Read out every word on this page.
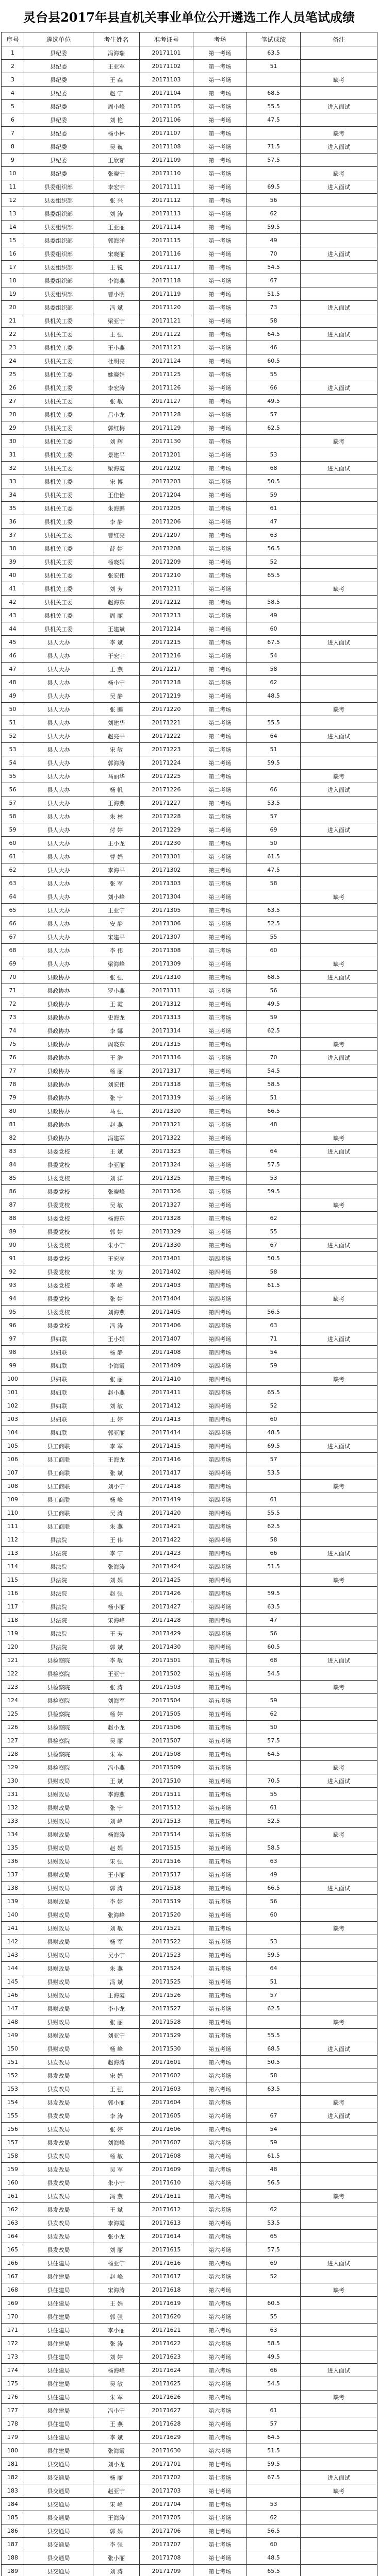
灵台县2017年县直机关事业单位公开遴选工作人员笔试成绩
序号	遴选单位	考生姓名	准考证号	考场	笔试成绩	备注
1	县纪委	冯海瑞	20171101	第一考场	63.5	
2	县纪委	王亚军	20171102	第一考场	51	
3	县纪委	王 森	20171103	第一考场		缺考
4	县纪委	赵 宁	20171104	第一考场	68.5	
5	县纪委	周小峰	20171105	第一考场	55.5	进入面试
6	县纪委	刘 艳	20171106	第一考场	47.5	
7	县纪委	杨小林	20171107	第一考场		缺考
8	县纪委	吴 巍	20171108	第一考场	71.5	进入面试
9	县纪委	王欣茹	20171109	第一考场	57.5	
10	县纪委	张晓宁	20171110	第一考场		缺考
11	县委组织部	李宏宇	20171111	第一考场	69.5	进入面试
12	县委组织部	张 兴	20171112	第一考场	56	
13	县委组织部	刘 涛	20171113	第一考场	62	
14	县委组织部	王亚丽	20171114	第一考场	59.5	
15	县委组织部	郭海洋	20171115	第一考场	49	
16	县委组织部	宋晓丽	20171116	第一考场	70	进入面试
17	县委组织部	王 锐	20171117	第一考场	54.5	
18	县委组织部	李海燕	20171118	第一考场	67	
19	县委组织部	曹小明	20171119	第一考场	51.5	
20	县委组织部	冯 斌	20171120	第一考场	73	进入面试
21	县机关工委	梁亚宁	20171121	第一考场	58	
22	县机关工委	王 强	20171122	第一考场	64.5	进入面试
23	县机关工委	王小燕	20171123	第一考场	46	
24	县机关工委	杜明亮	20171124	第一考场	60.5	
25	县机关工委	姚晓娟	20171125	第一考场	55	
26	县机关工委	李宏涛	20171126	第一考场	66	进入面试
27	县机关工委	张 敏	20171127	第一考场	49.5	
28	县机关工委	吕小龙	20171128	第一考场	57	
29	县机关工委	郭红梅	20171129	第一考场	62.5	
30	县机关工委	刘 辉	20171130	第一考场		缺考
31	县机关工委	景建平	20171201	第二考场	53	
32	县机关工委	梁海霞	20171202	第二考场	68	进入面试
33	县机关工委	宋 博	20171203	第二考场	50.5	
34	县机关工委	王佳怡	20171204	第二考场	59	
35	县机关工委	朱海鹏	20171205	第二考场	61	
36	县机关工委	李 静	20171206	第二考场	47	
37	县机关工委	曹红亮	20171207	第二考场	63	
38	县机关工委	薛 婷	20171208	第二考场	56.5	
39	县机关工委	杨晓娟	20171209	第二考场	52	
40	县机关工委	张宏伟	20171210	第二考场	65.5	
41	县机关工委	刘 芳	20171211	第二考场		缺考
42	县机关工委	赵海东	20171212	第二考场	58.5	
43	县机关工委	周 丽	20171213	第二考场	49	
44	县机关工委	王建斌	20171214	第二考场	60	
45	县人大办	李 斌	20171215	第二考场	67.5	进入面试
46	县人大办	于宏宇	20171216	第二考场	54	
47	县人大办	王 燕	20171217	第二考场	58	
48	县人大办	杨小宁	20171218	第二考场	62	
49	县人大办	吴 静	20171219	第二考场	48.5	
50	县人大办	张 鹏	20171220	第二考场		缺考
51	县人大办	刘建华	20171221	第二考场	55.5	
52	县人大办	赵亮平	20171222	第二考场	64	进入面试
53	县人大办	宋 敏	20171223	第二考场	51	
54	县人大办	郭海涛	20171224	第二考场	59.5	
55	县人大办	马丽华	20171225	第二考场		缺考
56	县人大办	杨 帆	20171226	第二考场	66	进入面试
57	县人大办	王海燕	20171227	第二考场	53.5	
58	县人大办	朱 林	20171228	第二考场	57	
59	县人大办	付 婷	20171229	第二考场	69	进入面试
60	县人大办	王小龙	20171230	第二考场	50	
61	县人大办	曹 娟	20171301	第三考场	61.5	
62	县人大办	李海平	20171302	第三考场	47.5	
63	县人大办	张 军	20171303	第三考场	58	
64	县人大办	刘小峰	20171304	第三考场		缺考
65	县人大办	王亚宁	20171305	第三考场	63.5	
66	县人大办	安 静	20171306	第三考场	52.5	
67	县人大办	宋建平	20171307	第三考场	55	
68	县人大办	李 伟	20171308	第三考场	60	
69	县人大办	梁海峰	20171309	第三考场		缺考
70	县政协办	张 强	20171310	第三考场	68.5	进入面试
71	县政协办	罗小燕	20171311	第三考场	56	
72	县政协办	王 霞	20171312	第三考场	49.5	
73	县政协办	史海龙	20171313	第三考场	59	
74	县政协办	李 娜	20171314	第三考场	62.5	
75	县政协办	周晓东	20171315	第三考场		缺考
76	县政协办	王 浩	20171316	第三考场	70	进入面试
77	县政协办	杨 丽	20171317	第三考场	54.5	
78	县政协办	刘宏伟	20171318	第三考场	58.5	
79	县政协办	张 宁	20171319	第三考场	51	
80	县政协办	马 强	20171320	第三考场	66.5	
81	县政协办	赵 燕	20171321	第三考场	48	
82	县政协办	冯建军	20171322	第三考场		缺考
83	县委党校	王 斌	20171323	第三考场	64	进入面试
84	县委党校	李亚丽	20171324	第三考场	57.5	
85	县委党校	刘 洋	20171325	第三考场	53	
86	县委党校	张晓峰	20171326	第三考场	59.5	
87	县委党校	吴 敏	20171327	第三考场		缺考
88	县委党校	杨海东	20171328	第三考场	62	
89	县委党校	郭 婷	20171329	第三考场	55	
90	县委党校	朱小宁	20171330	第三考场	67	进入面试
91	县委党校	王宏亮	20171401	第四考场	50.5	
92	县委党校	宋 芳	20171402	第四考场	58	
93	县委党校	李 峰	20171403	第四考场	61.5	
94	县委党校	张 婷	20171404	第四考场		缺考
95	县委党校	刘海燕	20171405	第四考场	56.5	
96	县委党校	冯 涛	20171406	第四考场	63	
97	县妇联	王小娟	20171407	第四考场	71	进入面试
98	县妇联	杨 静	20171408	第四考场	54	
99	县妇联	李海霞	20171409	第四考场	59	
100	县妇联	张 丽	20171410	第四考场		缺考
101	县妇联	赵小燕	20171411	第四考场	65.5	
102	县妇联	刘 敏	20171412	第四考场	52	
103	县妇联	王 婷	20171413	第四考场	60	
104	县妇联	郭亚丽	20171414	第四考场	48.5	
105	县工商联	李 军	20171415	第四考场	69.5	进入面试
106	县工商联	王海龙	20171416	第四考场	57	
107	县工商联	张 斌	20171417	第四考场	53.5	
108	县工商联	刘小宁	20171418	第四考场		缺考
109	县工商联	杨 峰	20171419	第四考场	61	
110	县工商联	吴 涛	20171420	第四考场	55.5	
111	县工商联	朱 燕	20171421	第四考场	62.5	
112	县法院	王 伟	20171422	第四考场	58	
113	县法院	李 宁	20171423	第四考场	66	进入面试
114	县法院	张海涛	20171424	第四考场	51.5	
115	县法院	刘 娟	20171425	第四考场		缺考
116	县法院	赵 强	20171426	第四考场	59.5	
117	县法院	杨小丽	20171427	第四考场	63.5	
118	县法院	宋海峰	20171428	第四考场	47	
119	县法院	王 芳	20171429	第四考场	56	
120	县法院	郭 斌	20171430	第四考场	60.5	
121	县检察院	李 敏	20171501	第五考场	68	进入面试
122	县检察院	王亚宁	20171502	第五考场	54.5	
123	县检察院	张 涛	20171503	第五考场		缺考
124	县检察院	刘海军	20171504	第五考场	59	
125	县检察院	杨 婷	20171505	第五考场	62	
126	县检察院	赵小龙	20171506	第五考场	50	
127	县检察院	吴 丽	20171507	第五考场	57.5	
128	县检察院	朱 军	20171508	第五考场	64.5	
129	县检察院	冯小燕	20171509	第五考场		缺考
130	县财政局	王 斌	20171510	第五考场	70.5	进入面试
131	县财政局	李海燕	20171511	第五考场	55	
132	县财政局	张 宁	20171512	第五考场	61	
133	县财政局	刘 峰	20171513	第五考场	52.5	
134	县财政局	杨海涛	20171514	第五考场		缺考
135	县财政局	赵 娟	20171515	第五考场	58.5	
136	县财政局	宋 强	20171516	第五考场	63	
137	县财政局	王小丽	20171517	第五考场	49	
138	县财政局	郭 涛	20171518	第五考场	66.5	进入面试
139	县财政局	李 婷	20171519	第五考场	56	
140	县财政局	张海峰	20171520	第五考场	60	
141	县财政局	刘 敏	20171521	第五考场		缺考
142	县财政局	杨 军	20171522	第五考场	53	
143	县财政局	吴小宁	20171523	第五考场	59.5	
144	县财政局	朱 燕	20171524	第五考场	64	
145	县财政局	冯 斌	20171525	第五考场	51	
146	县财政局	王海霞	20171526	第五考场	57	
147	县财政局	李小龙	20171527	第五考场	62.5	
148	县财政局	张 丽	20171528	第五考场		缺考
149	县财政局	刘亚宁	20171529	第五考场	55.5	
150	县财政局	杨 峰	20171530	第五考场	68.5	进入面试
151	县发改局	赵海涛	20171601	第六考场	50.5	
152	县发改局	宋 娟	20171602	第六考场	58	
153	县发改局	王 强	20171603	第六考场	63.5	
154	县发改局	郭小丽	20171604	第六考场		缺考
155	县发改局	李 涛	20171605	第六考场	67	进入面试
156	县发改局	张 婷	20171606	第六考场	54	
157	县发改局	刘海峰	20171607	第六考场	59	
158	县发改局	杨 敏	20171608	第六考场	61.5	
159	县发改局	吴 军	20171609	第六考场	48	
160	县发改局	朱小宁	20171610	第六考场	56.5	
161	县发改局	冯 燕	20171611	第六考场		缺考
162	县发改局	王 斌	20171612	第六考场	62	
163	县发改局	李海霞	20171613	第六考场	53.5	
164	县发改局	张小龙	20171614	第六考场	65	
165	县发改局	刘 丽	20171615	第六考场	57.5	
166	县住建局	杨亚宁	20171616	第六考场	69	进入面试
167	县住建局	赵 峰	20171617	第六考场	52	
168	县住建局	宋海涛	20171618	第六考场		缺考
169	县住建局	王 娟	20171619	第六考场	60.5	
170	县住建局	郭 强	20171620	第六考场	55	
171	县住建局	李小丽	20171621	第六考场	63	
172	县住建局	张 涛	20171622	第六考场	58.5	
173	县住建局	刘 婷	20171623	第六考场	49.5	
174	县住建局	杨海峰	20171624	第六考场	66	进入面试
175	县住建局	吴 敏	20171625	第六考场	54.5	
176	县住建局	朱 军	20171626	第六考场		缺考
177	县住建局	冯小宁	20171627	第六考场	61	
178	县住建局	王 燕	20171628	第六考场	57	
179	县住建局	李 斌	20171629	第六考场	64.5	
180	县住建局	张海霞	20171630	第六考场	51.5	
181	县交通局	刘小龙	20171701	第七考场	59.5	
182	县交通局	杨 丽	20171702	第七考场	67.5	进入面试
183	县交通局	赵亚宁	20171703	第七考场		缺考
184	县交通局	宋 峰	20171704	第七考场	53	
185	县交通局	王海涛	20171705	第七考场	62	
186	县交通局	郭 娟	20171706	第七考场	56.5	
187	县交通局	李 强	20171707	第七考场	60	
188	县交通局	张小丽	20171708	第七考场	48.5	
189	县交通局	刘 涛	20171709	第七考场	65.5	
